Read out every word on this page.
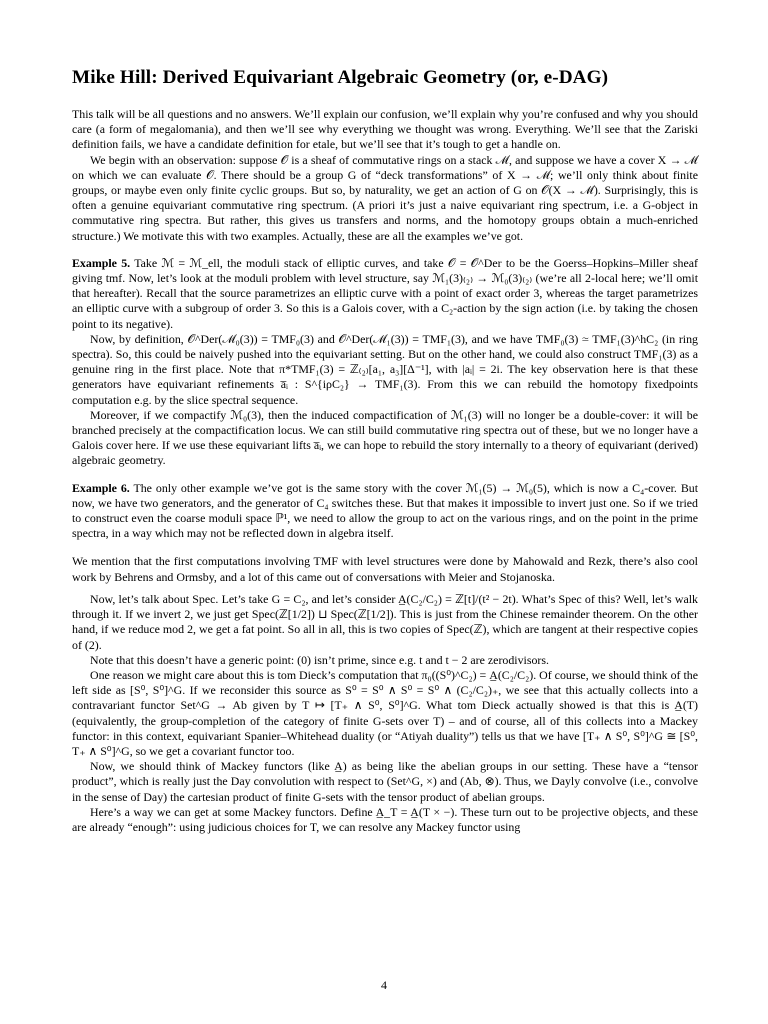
Mike Hill: Derived Equivariant Algebraic Geometry (or, e-DAG)

This talk will be all questions and no answers. We’ll explain our confusion, we’ll explain why you’re confused and why you should care (a form of megalomania), and then we’ll see why everything we thought was wrong. Everything. We’ll see that the Zariski definition fails, we have a candidate definition for etale, but we’ll see that it’s tough to get a handle on.

We begin with an observation: suppose 𝒪 is a sheaf of commutative rings on a stack ℳ, and suppose we have a cover X → ℳ on which we can evaluate 𝒪. There should be a group G of “deck transformations” of X → ℳ; we’ll only think about finite groups, or maybe even only finite cyclic groups. But so, by naturality, we get an action of G on 𝒪(X → ℳ). Surprisingly, this is often a genuine equivariant commutative ring spectrum. (A priori it’s just a naive equivariant ring spectrum, i.e. a G-object in commutative ring spectra. But rather, this gives us transfers and norms, and the homotopy groups obtain a much-enriched structure.) We motivate this with two examples. Actually, these are all the examples we’ve got.

Example 5. Take ℳ = ℳ_ell, the moduli stack of elliptic curves, and take 𝒪 = 𝒪^Der to be the Goerss–Hopkins–Miller sheaf giving tmf. Now, let’s look at the moduli problem with level structure, say ℳ₁(3)₍₂₎ → ℳ₀(3)₍₂₎ (we’re all 2-local here; we’ll omit that hereafter). Recall that the source parametrizes an elliptic curve with a point of exact order 3, whereas the target parametrizes an elliptic curve with a subgroup of order 3. So this is a Galois cover, with a C₂-action by the sign action (i.e. by taking the chosen point to its negative).

Now, by definition, 𝒪^Der(ℳ₀(3)) = TMF₀(3) and 𝒪^Der(ℳ₁(3)) = TMF₁(3), and we have TMF₀(3) ≃ TMF₁(3)^hC₂ (in ring spectra). So, this could be naively pushed into the equivariant setting. But on the other hand, we could also construct TMF₁(3) as a genuine ring in the first place. Note that π*TMF₁(3) = ℤ₍₂₎[a₁, a₃][Δ⁻¹], with |aᵢ| = 2i. The key observation here is that these generators have equivariant refinements a̅ᵢ : S^{iρC₂} → TMF₁(3). From this we can rebuild the homotopy fixedpoints computation e.g. by the slice spectral sequence.

Moreover, if we compactify ℳ₀(3), then the induced compactification of ℳ₁(3) will no longer be a double-cover: it will be branched precisely at the compactification locus. We can still build commutative ring spectra out of these, but we no longer have a Galois cover here. If we use these equivariant lifts a̅ᵢ, we can hope to rebuild the story internally to a theory of equivariant (derived) algebraic geometry.

Example 6. The only other example we’ve got is the same story with the cover ℳ₁(5) → ℳ₀(5), which is now a C₄-cover. But now, we have two generators, and the generator of C₄ switches these. But that makes it impossible to invert just one. So if we tried to construct even the coarse moduli space ℙ¹, we need to allow the group to act on the various rings, and on the point in the prime spectra, in a way which may not be reflected down in algebra itself.

We mention that the first computations involving TMF with level structures were done by Mahowald and Rezk, there’s also cool work by Behrens and Ormsby, and a lot of this came out of conversations with Meier and Stojanoska.

Now, let’s talk about Spec. Let’s take G = C₂, and let’s consider A̲(C₂/C₂) = ℤ[t]/(t² − 2t). What’s Spec of this? Well, let’s walk through it. If we invert 2, we just get Spec(ℤ[1/2]) ⊔ Spec(ℤ[1/2]). This is just from the Chinese remainder theorem. On the other hand, if we reduce mod 2, we get a fat point. So all in all, this is two copies of Spec(ℤ), which are tangent at their respective copies of (2).

Note that this doesn’t have a generic point: (0) isn’t prime, since e.g. t and t − 2 are zerodivisors.

One reason we might care about this is tom Dieck’s computation that π₀((S⁰)^C₂) = A̲(C₂/C₂). Of course, we should think of the left side as [S⁰, S⁰]^G. If we reconsider this source as S⁰ = S⁰ ∧ S⁰ = S⁰ ∧ (C₂/C₂)₊, we see that this actually collects into a contravariant functor Set^G → Ab given by T ↦ [T₊ ∧ S⁰, S⁰]^G. What tom Dieck actually showed is that this is A̲(T) (equivalently, the group-completion of the category of finite G-sets over T) – and of course, all of this collects into a Mackey functor: in this context, equivariant Spanier–Whitehead duality (or “Atiyah duality”) tells us that we have [T₊ ∧ S⁰, S⁰]^G ≅ [S⁰, T₊ ∧ S⁰]^G, so we get a covariant functor too.

Now, we should think of Mackey functors (like A̲) as being like the abelian groups in our setting. These have a “tensor product”, which is really just the Day convolution with respect to (Set^G, ×) and (Ab, ⊗). Thus, we Dayly convolve (i.e., convolve in the sense of Day) the cartesian product of finite G-sets with the tensor product of abelian groups.

Here’s a way we can get at some Mackey functors. Define A̲_T = A̲(T × −). These turn out to be projective objects, and these are already “enough”: using judicious choices for T, we can resolve any Mackey functor using

4
